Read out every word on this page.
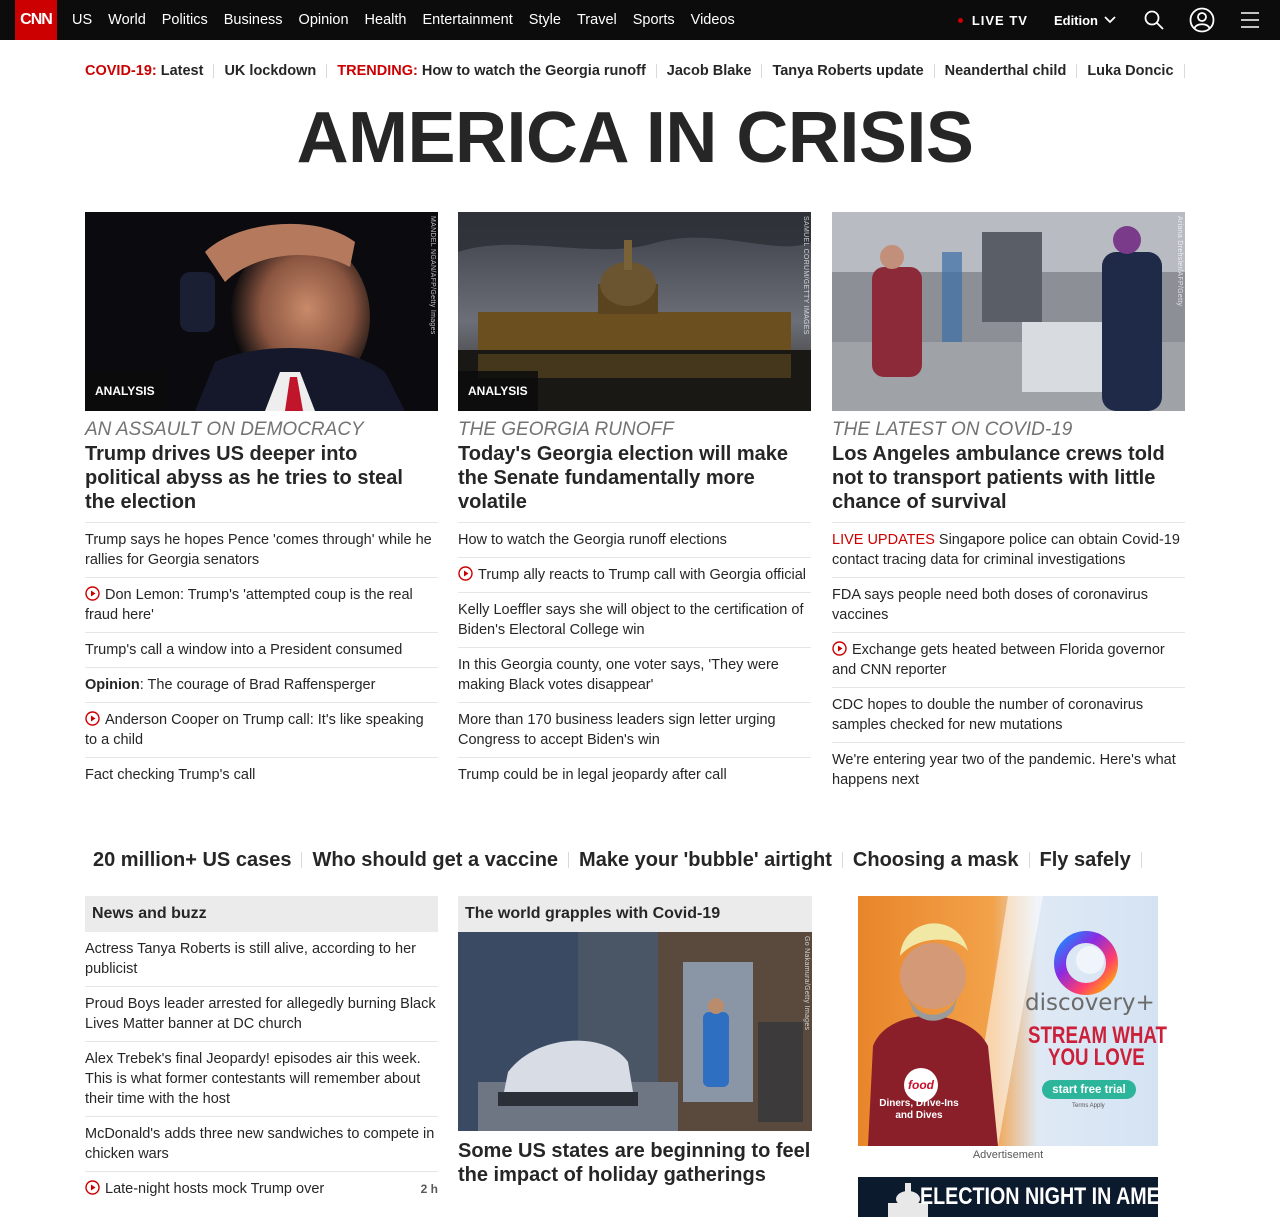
CNN	US World Politics Business Opinion Health Entertainment Style Travel Sports Videos	LIVE TV Edition
COVID-19: Latest UK lockdown TRENDING: How to watch the Georgia runoff Jacob Blake Tanya Roberts update Neanderthal child Luka Doncic
AMERICA IN CRISIS
MANDEL NGAN/AFP/Getty Images
ANALYSIS
AN ASSAULT ON DEMOCRACY
Trump drives US deeper into political abyss as he tries to steal the election
Trump says he hopes Pence 'comes through' while he rallies for Georgia senators
Don Lemon: Trump's 'attempted coup is the real fraud here'
Trump's call a window into a President consumed
Opinion: The courage of Brad Raffensperger
Anderson Cooper on Trump call: It's like speaking to a child
Fact checking Trump's call
SAMUEL CORUM/GETTY IMAGES
ANALYSIS
THE GEORGIA RUNOFF
Today's Georgia election will make the Senate fundamentally more volatile
How to watch the Georgia runoff elections
Trump ally reacts to Trump call with Georgia official
Kelly Loeffler says she will object to the certification of Biden's Electoral College win
In this Georgia county, one voter says, 'They were making Black votes disappear'
More than 170 business leaders sign letter urging Congress to accept Biden's win
Trump could be in legal jeopardy after call
Ariana Drehsler/AFP/Getty
THE LATEST ON COVID-19
Los Angeles ambulance crews told not to transport patients with little chance of survival
LIVE UPDATES Singapore police can obtain Covid-19 contact tracing data for criminal investigations
FDA says people need both doses of coronavirus vaccines
Exchange gets heated between Florida governor and CNN reporter
CDC hopes to double the number of coronavirus samples checked for new mutations
We're entering year two of the pandemic. Here's what happens next
20 million+ US cases Who should get a vaccine Make your 'bubble' airtight Choosing a mask Fly safely
News and buzz
Actress Tanya Roberts is still alive, according to her publicist
Proud Boys leader arrested for allegedly burning Black Lives Matter banner at DC church
Alex Trebek's final Jeopardy! episodes air this week. This is what former contestants will remember about their time with the host
McDonald's adds three new sandwiches to compete in chicken wars
Late-night hosts mock Trump over	2 h
The world grapples with Covid-19
Go Nakamura/Getty Images
Some US states are beginning to feel the impact of holiday gatherings
discovery+
STREAM WHAT
YOU LOVE
start free trial
Terms Apply
food
Diners, Drive-Ins
and Dives
Advertisement
ELECTION NIGHT IN AMERICA
